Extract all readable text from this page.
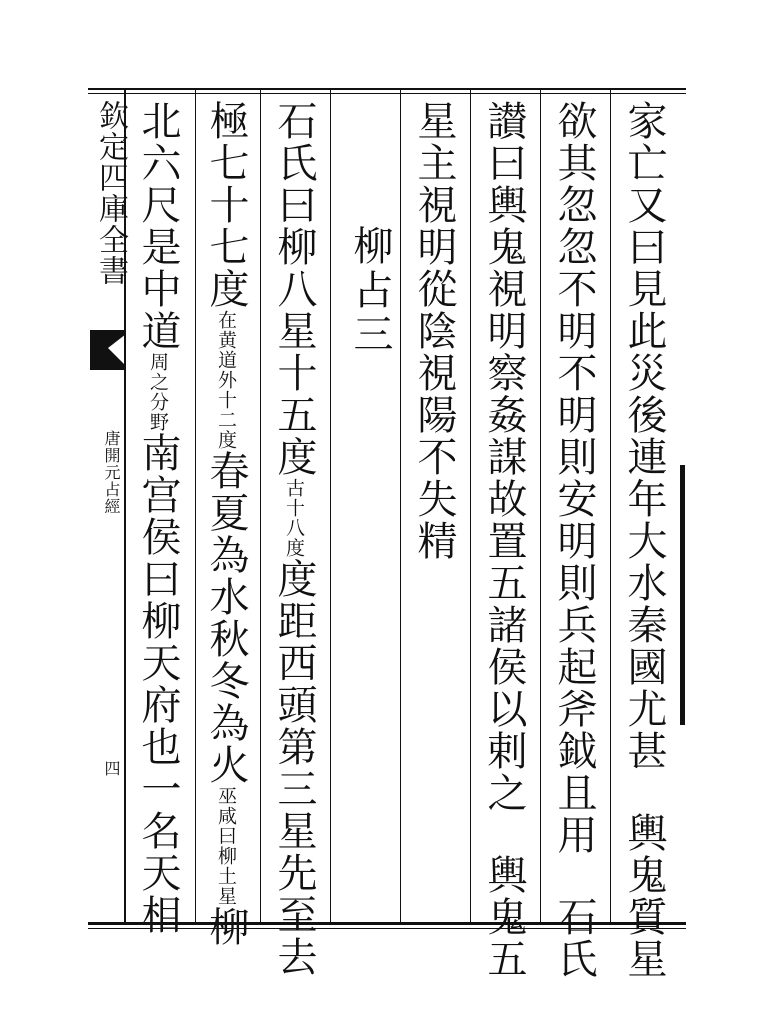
欽定四庫全書
唐開元占經
四	家亡又曰見此災後連年大水秦國尤甚輿鬼質星
欲其忽忽不明不明則安明則兵起斧鉞且用石氏
讃曰輿鬼視明察姦謀故置五諸侯以剌之輿鬼五
星主視明從陰視陽不失精
柳占三
石氏曰柳八星十五度古十八度度距西頭第三星先至去
極七十七度在黄道外十二度春夏為水秋冬為火巫咸曰柳土星柳
北六尺是中道周之分野南宫侯曰柳天府也一名天相
